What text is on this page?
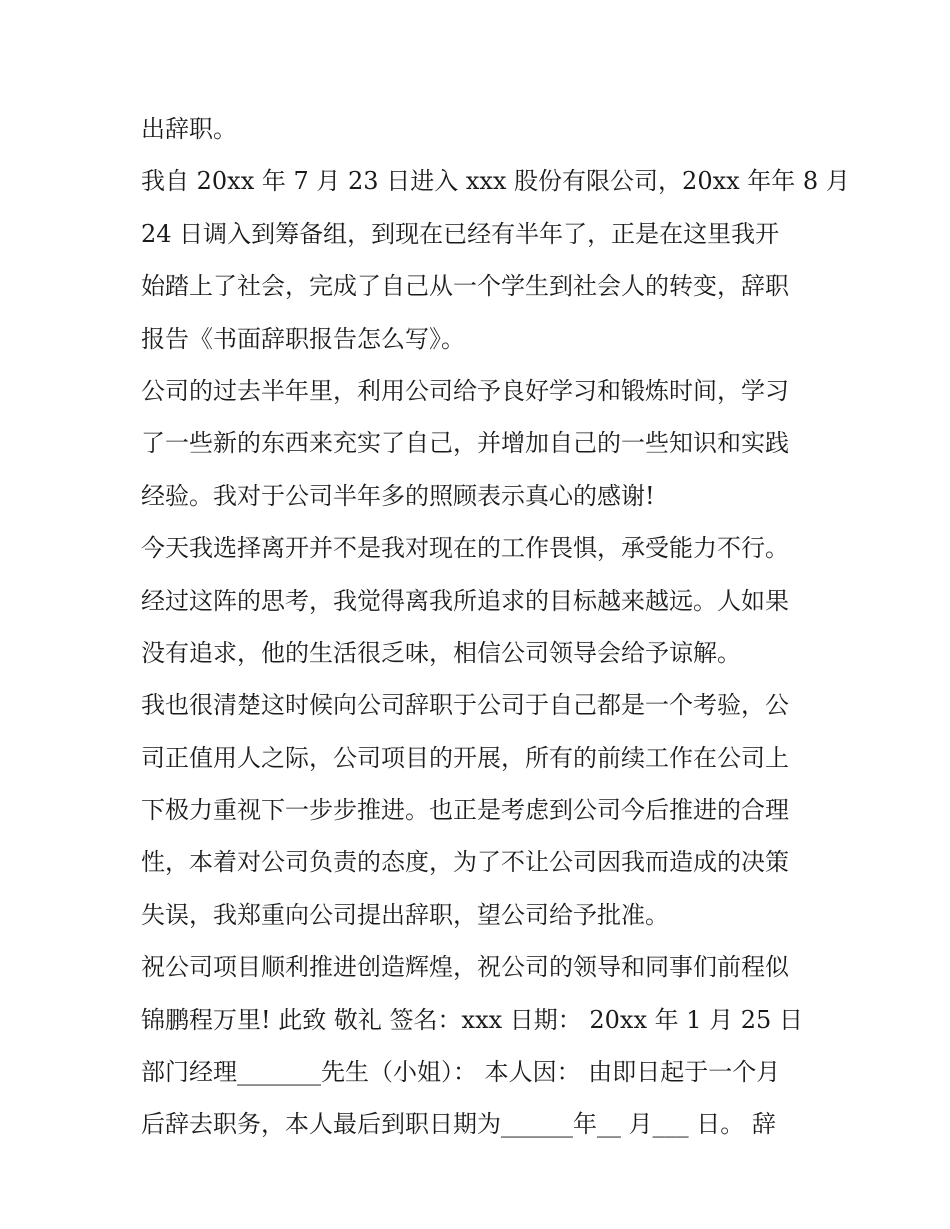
出辞职。
我自 20xx 年 7 月 23 日进入 xxx 股份有限公司，20xx 年年 8 月
24 日调入到筹备组，到现在已经有半年了，正是在这里我开
始踏上了社会，完成了自己从一个学生到社会人的转变，辞职
报告《书面辞职报告怎么写》。
公司的过去半年里，利用公司给予良好学习和锻炼时间，学习
了一些新的东西来充实了自己，并增加自己的一些知识和实践
经验。我对于公司半年多的照顾表示真心的感谢!
今天我选择离开并不是我对现在的工作畏惧，承受能力不行。
经过这阵的思考，我觉得离我所追求的目标越来越远。人如果
没有追求，他的生活很乏味，相信公司领导会给予谅解。
我也很清楚这时候向公司辞职于公司于自己都是一个考验，公
司正值用人之际，公司项目的开展，所有的前续工作在公司上
下极力重视下一步步推进。也正是考虑到公司今后推进的合理
性，本着对公司负责的态度，为了不让公司因我而造成的决策
失误，我郑重向公司提出辞职，望公司给予批准。
祝公司项目顺利推进创造辉煌，祝公司的领导和同事们前程似
锦鹏程万里! 此致 敬礼 签名：xxx 日期： 20xx 年 1 月 25 日
部门经理_______先生（小姐）： 本人因： 由即日起于一个月
后辞去职务，本人最后到职日期为______年__ 月___ 日。 辞
